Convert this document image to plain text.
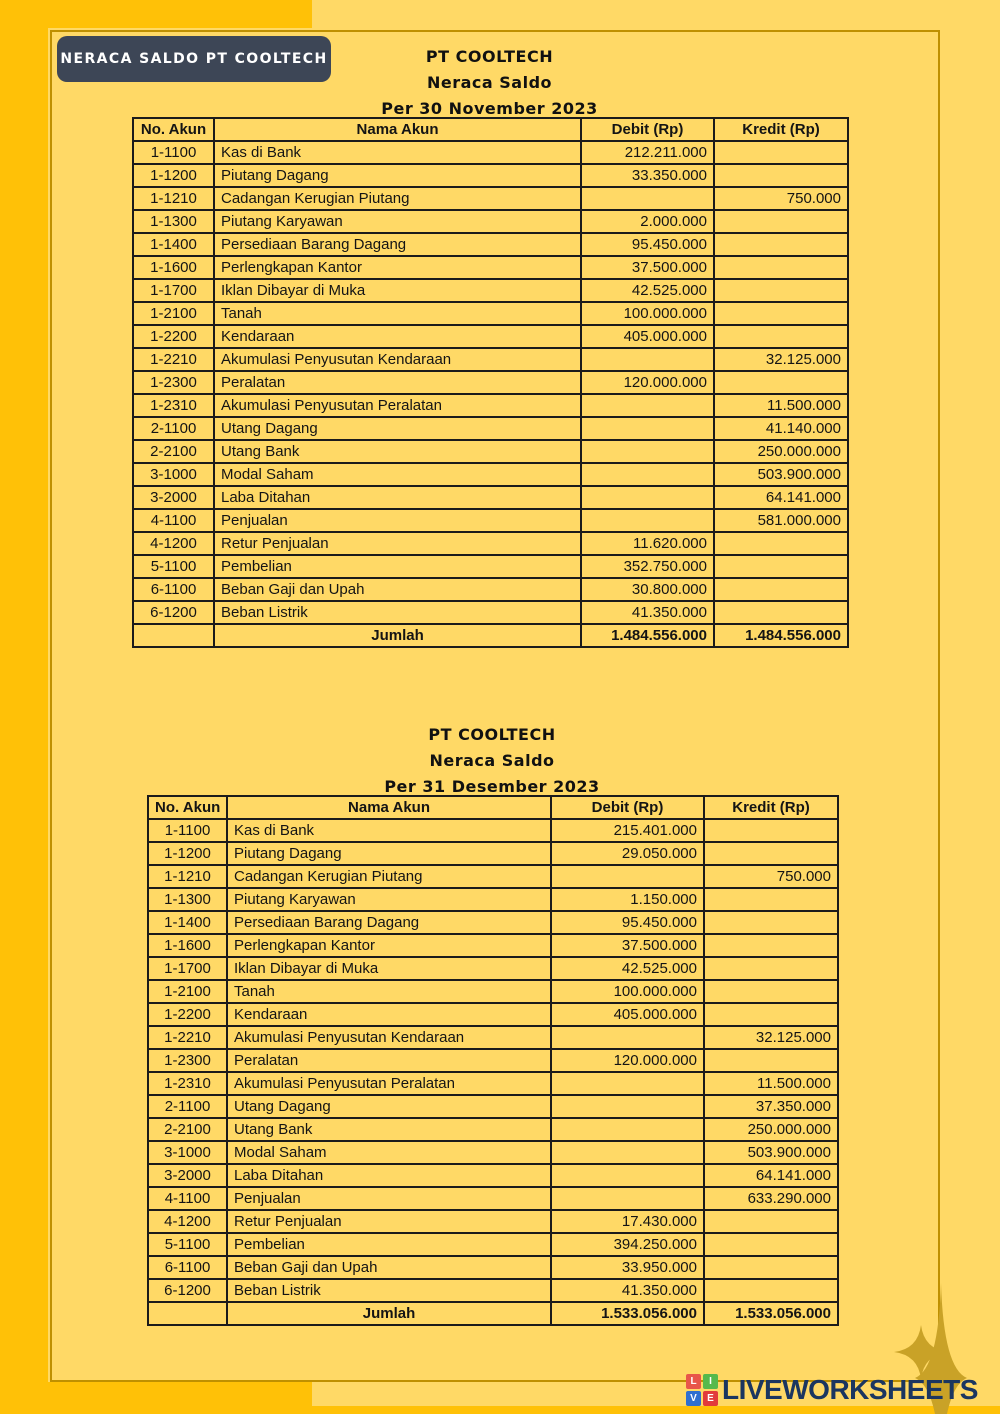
NERACA SALDO PT COOLTECH	PT COOLTECH
Neraca Saldo
Per 30 November 2023
No. Akun	Nama Akun	Debit (Rp)	Kredit (Rp)
1-1100	Kas di Bank	212.211.000	
1-1200	Piutang Dagang	33.350.000	
1-1210	Cadangan Kerugian Piutang		750.000
1-1300	Piutang Karyawan	2.000.000	
1-1400	Persediaan Barang Dagang	95.450.000	
1-1600	Perlengkapan Kantor	37.500.000	
1-1700	Iklan Dibayar di Muka	42.525.000	
1-2100	Tanah	100.000.000	
1-2200	Kendaraan	405.000.000	
1-2210	Akumulasi Penyusutan Kendaraan		32.125.000
1-2300	Peralatan	120.000.000	
1-2310	Akumulasi Penyusutan Peralatan		11.500.000
2-1100	Utang Dagang		41.140.000
2-2100	Utang Bank		250.000.000
3-1000	Modal Saham		503.900.000
3-2000	Laba Ditahan		64.141.000
4-1100	Penjualan		581.000.000
4-1200	Retur Penjualan	11.620.000	
5-1100	Pembelian	352.750.000	
6-1100	Beban Gaji dan Upah	30.800.000	
6-1200	Beban Listrik	41.350.000	
	Jumlah	1.484.556.000	1.484.556.000
PT COOLTECH
Neraca Saldo
Per 31 Desember 2023
No. Akun	Nama Akun	Debit (Rp)	Kredit (Rp)
1-1100	Kas di Bank	215.401.000	
1-1200	Piutang Dagang	29.050.000	
1-1210	Cadangan Kerugian Piutang		750.000
1-1300	Piutang Karyawan	1.150.000	
1-1400	Persediaan Barang Dagang	95.450.000	
1-1600	Perlengkapan Kantor	37.500.000	
1-1700	Iklan Dibayar di Muka	42.525.000	
1-2100	Tanah	100.000.000	
1-2200	Kendaraan	405.000.000	
1-2210	Akumulasi Penyusutan Kendaraan		32.125.000
1-2300	Peralatan	120.000.000	
1-2310	Akumulasi Penyusutan Peralatan		11.500.000
2-1100	Utang Dagang		37.350.000
2-2100	Utang Bank		250.000.000
3-1000	Modal Saham		503.900.000
3-2000	Laba Ditahan		64.141.000
4-1100	Penjualan		633.290.000
4-1200	Retur Penjualan	17.430.000	
5-1100	Pembelian	394.250.000	
6-1100	Beban Gaji dan Upah	33.950.000	
6-1200	Beban Listrik	41.350.000	
	Jumlah	1.533.056.000	1.533.056.000
L	I
V	E LIVEWORKSHEETS
